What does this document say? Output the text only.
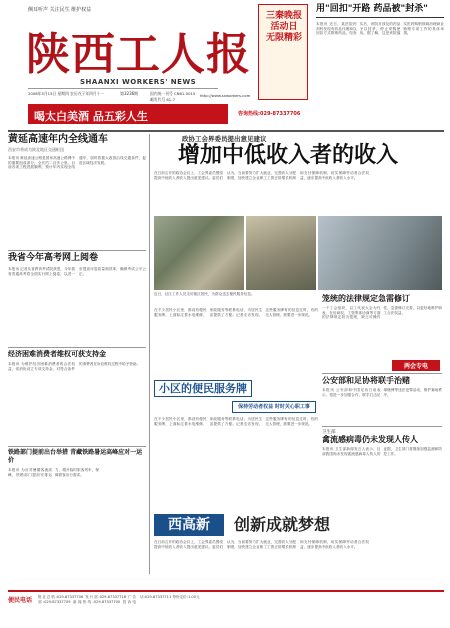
侧耳听声 关注民生 维护权益
陕西工人报
SHAANXI WORKERS' NEWS
2008年5月15日 星期四 农历戊子年四月十一	第3236期	国内统一刊号 CN61-0015
邮发代号 61-7
http://www.sxworkers.com
喝太白美酒 品五彩人生	咨询热线:029-87337706
三秦晚报 活动日 无限精彩
用"回扣"开路 药品被"封杀"
本报讯 近日，某医院药剂科发现有药品代理商以回扣方式推销药品，经查实后，该院对涉及的药品予以封杀，停止采购使用。据了解，这是该院落实医药购销领域治理商业贿赂专项工作的具体举措。
黄延高速年内全线通车
西安市将成为陕北地区交通枢纽
本报讯 黄延高速公路是国家高速公路网中的重要组成部分，全长约二百多公里。目前各项工程进展顺利，预计年内实现全线通车，届时将极大改善沿线交通条件，促进区域经济发展。
我省今年高考网上阅卷
本报讯 记者从省教育考试院获悉，今年我省普通高考将全面实行网上阅卷，以进一步提高评卷质量和效率，确保考试公平公正。
经济困难消费者维权可获支持金
本报讯 为维护经济困难消费者的合法权益，省消协设立专项支持金，对符合条件的消费者在诉讼维权过程中给予资助。
铁路部门提前出台举措 青藏铁路暑运高峰应对一运价
本报讯 为应对暑期客流高峰，铁路部门提前安排运力，增开临时旅客列车，保障旅客出行需求。
政协工会界委员提出意见建议
增加中低收入者的收入
在日前召开的政协会议上，工会界委员围绕提高中低收入者收入提出意见建议。委员们认为，当前要努力扩大就业，完善收入分配制度，加快建立企业职工工资正常增长机制和支付保障机制，切实保障劳动者合法权益，逐步提高中低收入者收入水平。
近日，社区工作人员走访辖区居民，为群众送去便民服务信息。	笼统的法律规定急需修订
一个工会组织，以工代表大会为代表，在协商权、工资集体协商等方面的法律规定较为笼统，缺乏可操作性，急需修订完善，以更好地维护职工合法权益。
两会专电
公安部和足协将联手治赌
本报讯 公安部和中国足协日前表示，将进一步加强合作，联手打击足球赌博等违法犯罪活动，维护赛场秩序。
卫生部
禽流感病毒仍未发现人传人
本报讯 卫生部新闻发言人表示，目前我国尚未发现禽流感病毒人传人的证据，卫生部门将继续加强监测和防控工作。
在不少居民小区里，都设有便民服务牌，上面标注着水电维修、家政服务等联系电话，为居民生活提供了方便。记者走访发现，这些服务牌有的信息过时，有的无人管理，需要进一步规范。
小区的便民服务牌
保持劳动者权益 时时关心职工事
在不少居民小区里，都设有便民服务牌，上面标注着水电维修、家政服务等联系电话，为居民生活提供了方便。记者走访发现，这些服务牌有的信息过时，有的无人管理，需要进一步规范。
西高新	创新成就梦想
在日前召开的政协会议上，工会界委员围绕提高中低收入者收入提出意见建议。委员们认为，当前要努力扩大就业，完善收入分配制度，加快建立企业职工工资正常增长机制和支付保障机制，切实保障劳动者合法权益，逐步提高中低收入者收入水平。
便民电话	报社总机:029-87337706 发行部:029-87337718 广告部:029-87337709 新闻热线:029-87337700 投诉电话:029-87337711 每份定价:1.00元
